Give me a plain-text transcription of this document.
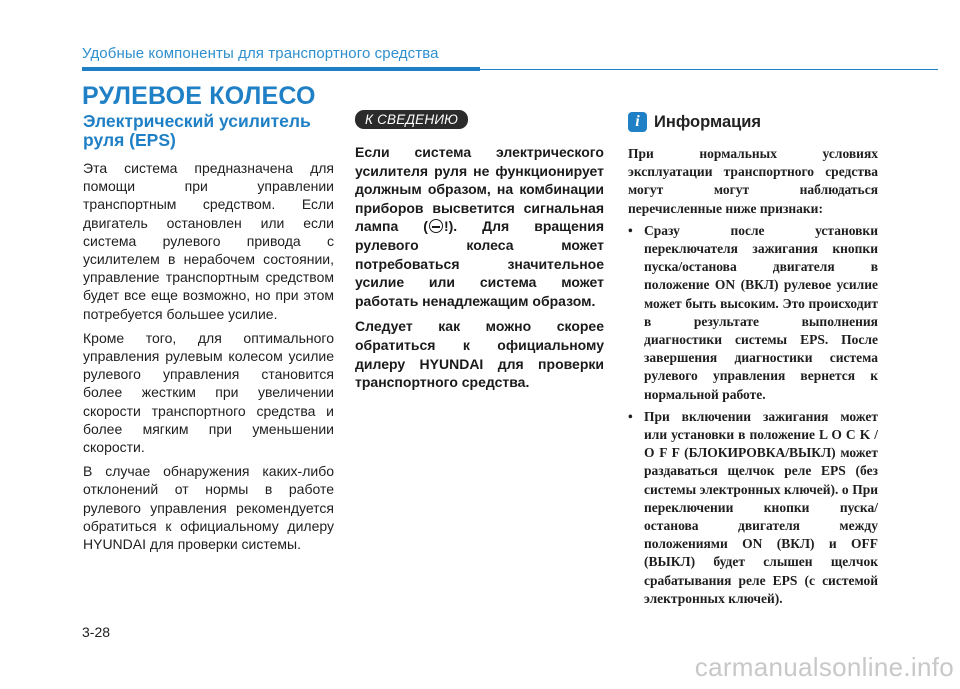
Удобные компоненты для транспортного средства
РУЛЕВОЕ КОЛЕСО
Электрический усилитель руля (EPS)

Эта система предназначена для помощи при управлении транспортным средством. Если двигатель остановлен или если система рулевого привода с усилителем в нерабочем состоянии, управление транспортным средством будет все еще возможно, но при этом потребуется большее усилие.

Кроме того, для оптимального управления рулевым колесом усилие рулевого управления становится более жестким при увеличении скорости транспортного средства и более мягким при уменьшении скорости.

В случае обнаружения каких-либо отклонений от нормы в работе рулевого управления рекомендуется обратиться к официальному дилеру HYUNDAI для проверки системы.

К СВЕДЕНИЮ

Если система электрического усилителя руля не функционирует должным образом, на комбинации приборов высветится сигнальная лампа ( !). Для вращения рулевого колеса может потребоваться значительное усилие или система может работать ненадлежащим образом.

Следует как можно скорее обратиться к официальному дилеру HYUNDAI для проверки транспортного средства.

i Информация

При нормальных условиях эксплуатации транспортного средства могут могут наблюдаться перечисленные ниже признаки:

• Сразу после установки переключателя зажигания кнопки пуска/останова двигателя в положение ON (ВКЛ) рулевое усилие может быть высоким. Это происходит в результате выполнения диагностики системы EPS. После завершения диагностики система рулевого управления вернется к нормальной работе.
• При включении зажигания может или установки в положение L O C K / O F F (БЛОКИРОВКА/ВЫКЛ) может раздаваться щелчок реле EPS (без системы электронных ключей). о При переключении кнопки пуска/останова двигателя между положениями ON (ВКЛ) и OFF (ВЫКЛ) будет слышен щелчок срабатывания реле EPS (с системой электронных ключей).
3-28
carmanualsonline.info
